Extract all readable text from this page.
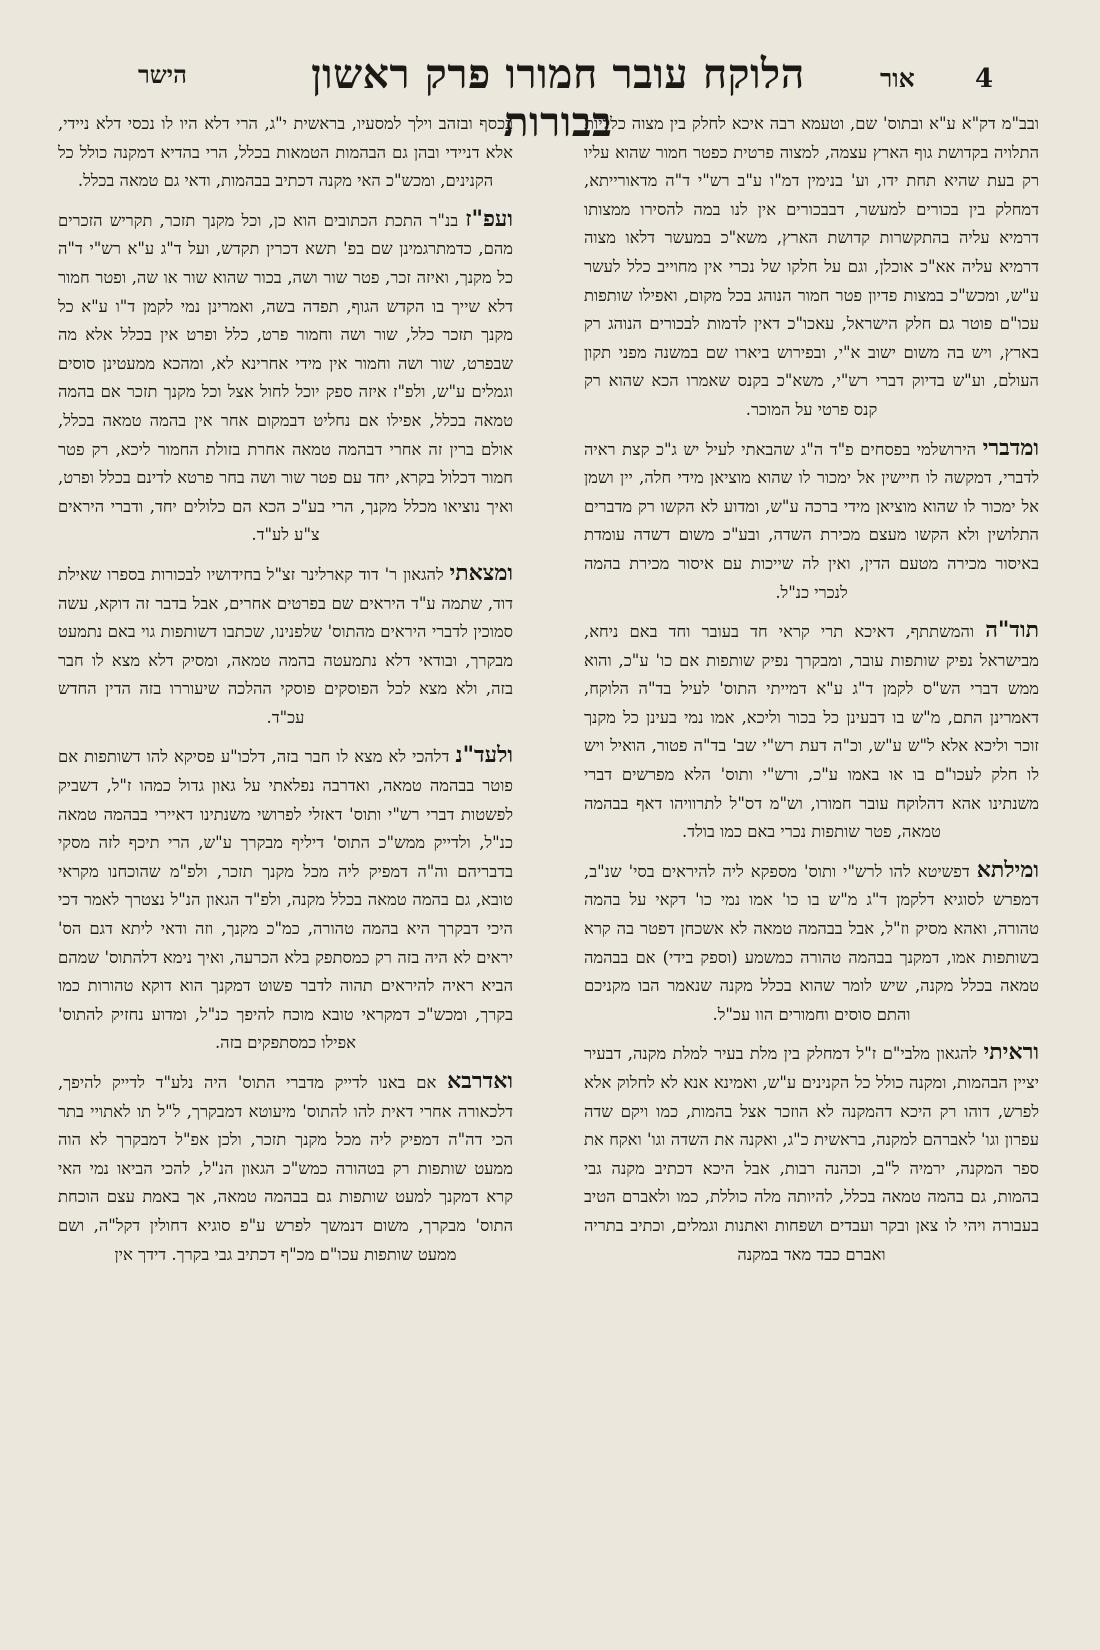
4
אור
הלוקח עובר חמורו פרק ראשון בבורות
הישר

ובב"מ דק"א ע"א ובתוס' שם, וטעמא רבה איכא לחלק בין מצוה כלליות התלויה בקדושת גוף הארץ עצמה, למצוה פרטית כפטר חמור שהוא עליו רק בעת שהיא תחת ידו, וע' בנימין דמ"ו ע"ב רש"י ד"ה מדאורייתא, דמחלק בין בכורים למעשר, דבבכורים אין לנו במה להסירו ממצותו דרמיא עליה בהתקשרות קדושת הארץ, משא"כ במעשר דלאו מצוה דרמיא עליה אא"כ אוכלן, וגם על חלקו של נכרי אין מחוייב כלל לעשר ע"ש, ומכש"כ במצות פדיון פטר חמור הנוהג בכל מקום, ואפילו שותפות עכו"ם פוטר גם חלק הישראל, עאכו"כ דאין לדמות לבכורים הנוהג רק בארץ, ויש בה משום ישוב א"י, ובפירוש ביארו שם במשנה מפני תקון העולם, וע"ש בדיוק דברי רש"י, משא"כ בקנס שאמרו הכא שהוא רק קנס פרטי על המוכר.

ומדברי הירושלמי בפסחים פ"ד ה"ג שהבאתי לעיל יש ג"כ קצת ראיה לדברי, דמקשה לו חיישין אל ימכור לו שהוא מוציאן מידי חלה, יין ושמן אל ימכור לו שהוא מוציאן מידי ברכה ע"ש, ומדוע לא הקשו רק מדברים התלושין ולא הקשו מעצם מכירת השדה, ובע"כ משום דשדה עומדת באיסור מכירה מטעם הדין, ואין לה שייכות עם איסור מכירת בהמה לנכרי כנ"ל.

תוד"ה והמשתתף, דאיכא תרי קראי חד בעובר וחד באם ניחא, מבישראל נפיק שותפות עובר, ומבקרך נפיק שותפות אם כו' ע"כ, והוא ממש דברי הש"ס לקמן ד"ג ע"א דמייתי התוס' לעיל בד"ה הלוקח, דאמרינן התם, מ"ש בו דבעינן כל בכור וליכא, אמו נמי בעינן כל מקנך זוכר וליכא אלא ל"ש ע"ש, וכ"ה דעת רש"י שב' בד"ה פטור, הואיל ויש לו חלק לעכו"ם בו או באמו ע"כ, ורש"י ותוס' הלא מפרשים דברי משנתינו אהא דהלוקח עובר חמורו, וש"מ דס"ל לתרוויהו דאף בבהמה טמאה, פטר שותפות נכרי באם כמו בולד.

ומילתא דפשיטא להו לרש"י ותוס' מספקא ליה להיראים בסי' שנ"ב, דמפרש לסוגיא דלקמן ד"ג מ"ש בו כו' אמו נמי כו' דקאי על בהמה טהורה, ואהא מסיק וז"ל, אבל בבהמה טמאה לא אשכחן דפטר בה קרא בשותפות אמו, דמקנך בבהמה טהורה כמשמע (וספק בידי) אם בבהמה טמאה בכלל מקנה, שיש לומר שהוא בכלל מקנה שנאמר הבו מקניכם והתם סוסים וחמורים הוו עכ"ל.

וראיתי להגאון מלבי"ם ז"ל דמחלק בין מלת בעיר למלת מקנה, דבעיר יציין הבהמות, ומקנה כולל כל הקנינים ע"ש, ואמינא אנא לא לחלוק אלא לפרש, דוהו רק היכא דהמקנה לא הוזכר אצל בהמות, כמו ויקם שדה עפרון וגו' לאברהם למקנה, בראשית כ"ג, ואקנה את השדה וגו' ואקח את ספר המקנה, ירמיה ל"ב, וכהנה רבות, אבל היכא דכתיב מקנה גבי בהמות, גם בהמה טמאה בכלל, להיותה מלה כוללת, כמו ולאברם הטיב בעבורה ויהי לו צאן ובקר ועבדים ושפחות ואתנות וגמלים, וכתיב בתריה ואברם כבד מאד במקנה

בכסף ובזהב וילך למסעיו, בראשית י"ג, הרי דלא היו לו נכסי דלא ניידי, אלא דניידי ובהן גם הבהמות הטמאות בכלל, הרי בהדיא דמקנה כולל כל הקנינים, ומכש"כ האי מקנה דכתיב בבהמות, ודאי גם טמאה בכלל.

ועפ"ז בנ"ר התכת הכתובים הוא כן, וכל מקנך תזכר, תקריש הזכרים מהם, כדמתרגמינן שם בפ' תשא דכרין תקדש, ועל ד"ג ע"א רש"י ד"ה כל מקנך, ואיזה זכר, פטר שור ושה, בכור שהוא שור או שה, ופטר חמור דלא שייך בו הקדש הגוף, תפדה בשה, ואמרינן נמי לקמן ד"ו ע"א כל מקנך תזכר כלל, שור ושה וחמור פרט, כלל ופרט אין בכלל אלא מה שבפרט, שור ושה וחמור אין מידי אחרינא לא, ומהכא ממעטינן סוסים וגמלים ע"ש, ולפ"ז איזה ספק יוכל לחול אצל וכל מקנך תזכר אם בהמה טמאה בכלל, אפילו אם נחליט דבמקום אחר אין בהמה טמאה בכלל, אולם ברין זה אחרי דבהמה טמאה אחרת בזולת החמור ליכא, רק פטר חמור דכלול בקרא, יחד עם פטר שור ושה בחר פרטא לדינם בכלל ופרט, ואיך נוציאו מכלל מקנך, הרי בע"כ הכא הם כלולים יחד, ודברי היראים צ"ע לע"ד.

ומצאתי להגאון ר' דוד קארלינר זצ"ל בחידושיו לבכורות בספרו שאילת דוד, שתמה ע"ד היראים שם בפרטים אחרים, אבל בדבר זה דוקא, עשה סמוכין לדברי היראים מהתוס' שלפנינו, שכתבו דשותפות גוי באם נתמעט מבקרך, ובודאי דלא נתמעטה בהמה טמאה, ומסיק דלא מצא לו חבר בזה, ולא מצא לכל הפוסקים פוסקי ההלכה שיעוררו בזה הדין החדש עכ"ד.

ולעד"נ דלהכי לא מצא לו חבר בזה, דלכו"ע פסיקא להו דשותפות אם פוטר בבהמה טמאה, ואדרבה נפלאתי על גאון גדול כמהו ז"ל, דשביק לפשטות דברי רש"י ותוס' דאזלי לפרושי משנתינו דאיירי בבהמה טמאה כנ"ל, ולדייק ממש"כ התוס' דיליף מבקרך ע"ש, הרי תיכף לזה מסקי בדבריהם וה"ה דמפיק ליה מכל מקנך תזכר, ולפ"מ שהוכחנו מקראי טובא, גם בהמה טמאה בכלל מקנה, ולפ"ד הגאון הנ"ל נצטרך לאמר דכי היכי דבקרך היא בהמה טהורה, כמ"כ מקנך, וזה ודאי ליתא דגם הס' יראים לא היה בזה רק כמסתפק בלא הכרעה, ואיך נימא דלהתוס' שמהם הביא ראיה להיראים תהוה לדבר פשוט דמקנך הוא דוקא טהורות כמו בקרך, ומכש"כ דמקראי טובא מוכח להיפך כנ"ל, ומדוע נחזיק להתוס' אפילו כמסתפקים בזה.

ואדרבא אם באנו לדייק מדברי התוס' היה נלע"ד לדייק להיפך, דלכאורה אחרי דאית להו להתוס' מיעוטא דמבקרך, ל"ל תו לאתויי בתר הכי דה"ה דמפיק ליה מכל מקנך תזכר, ולכן אפ"ל דמבקרך לא הוה ממעט שותפות רק בטהורה כמש"כ הגאון הנ"ל, להכי הביאו נמי האי קרא דמקנך למעט שותפות גם בבהמה טמאה, אך באמת עצם הוכחת התוס' מבקרך, משום דנמשך לפרש ע"פ סוגיא דחולין דקל"ה, ושם ממעט שותפות עכו"ם מכ"ף דכתיב גבי בקרך. דידך אין
